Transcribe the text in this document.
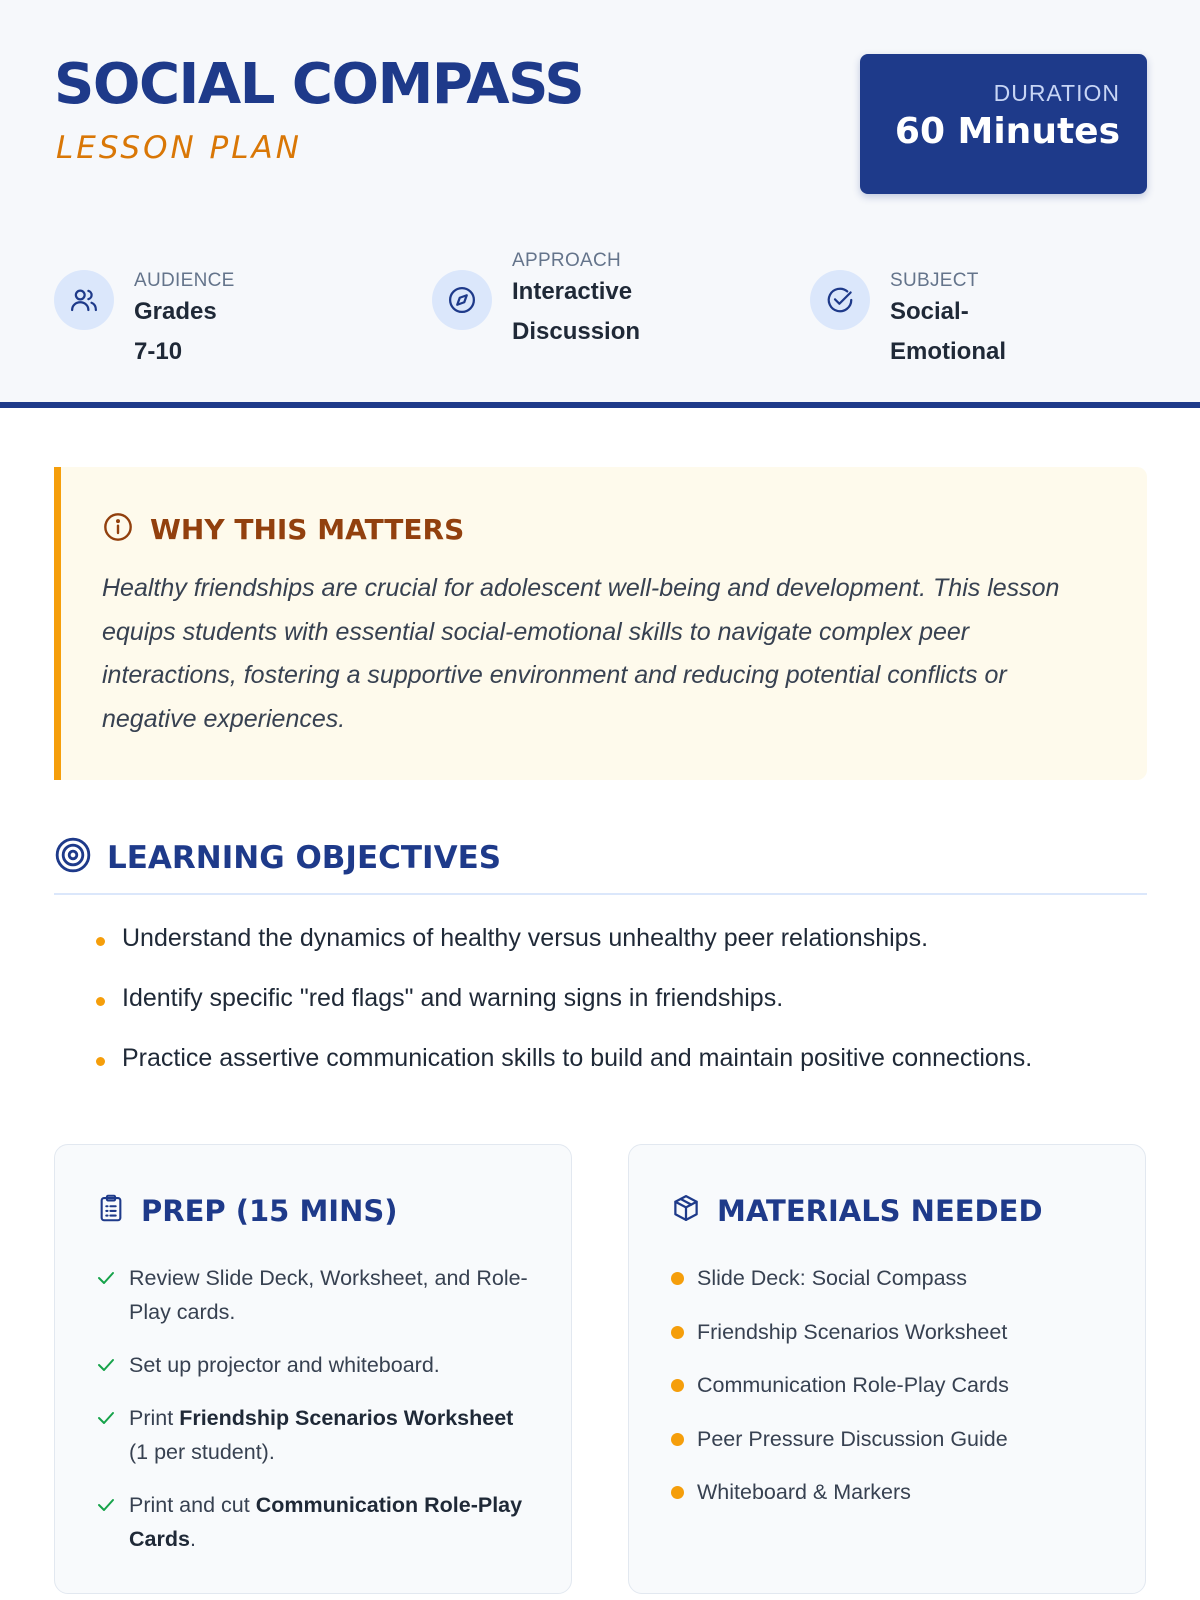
SOCIAL COMPASS
LESSON PLAN
DURATION
60 Minutes
AUDIENCE
Grades 7-10
APPROACH
Interactive Discussion
SUBJECT
Social-Emotional
WHY THIS MATTERS
Healthy friendships are crucial for adolescent well-being and development. This lesson equips students with essential social-emotional skills to navigate complex peer interactions, fostering a supportive environment and reducing potential conflicts or negative experiences.
LEARNING OBJECTIVES
Understand the dynamics of healthy versus unhealthy peer relationships.
Identify specific "red flags" and warning signs in friendships.
Practice assertive communication skills to build and maintain positive connections.
PREP (15 MINS)
Review Slide Deck, Worksheet, and Role-Play cards.
Set up projector and whiteboard.
Print Friendship Scenarios Worksheet (1 per student).
Print and cut Communication Role-Play Cards.
MATERIALS NEEDED
Slide Deck: Social Compass
Friendship Scenarios Worksheet
Communication Role-Play Cards
Peer Pressure Discussion Guide
Whiteboard & Markers
